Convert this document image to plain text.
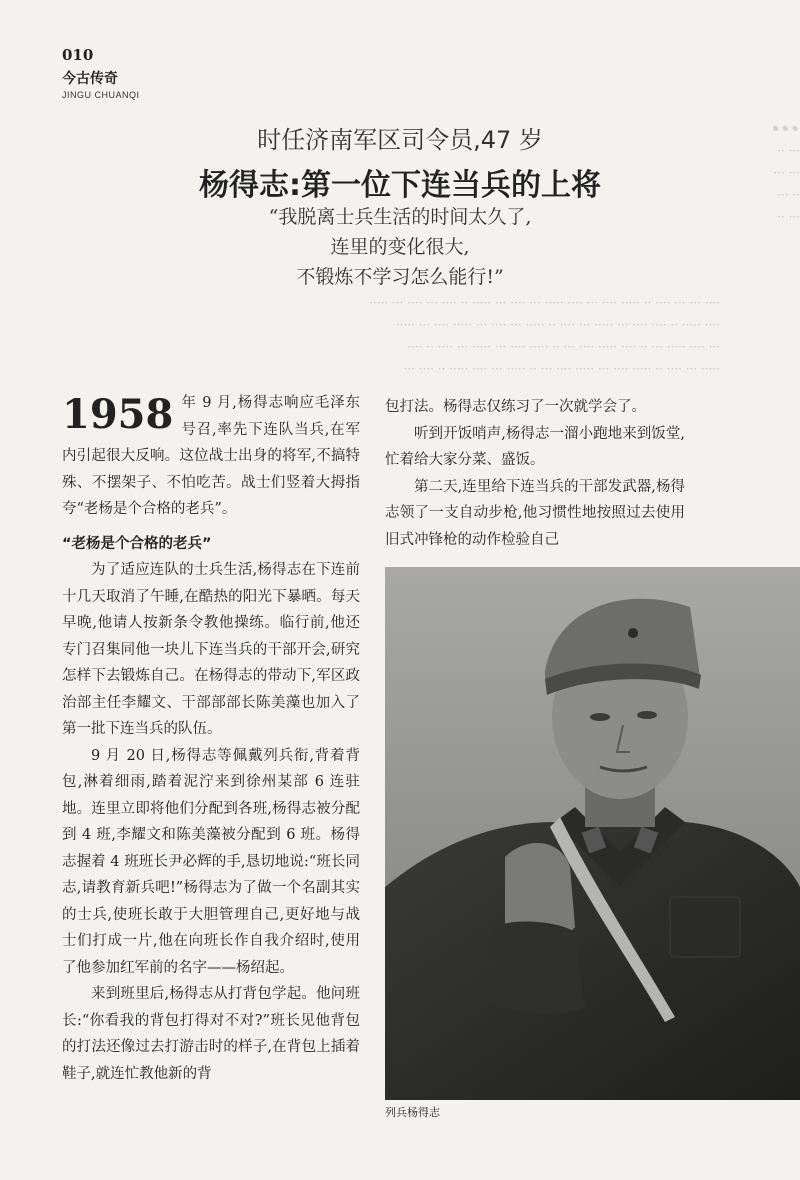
010
今古传奇
JINGU CHUANQI
···· ··· ··· ···· ·· ····· ···· ··· ···· ····· ··· ···· ··· ····· ·· ···· ··· ···· ··· ·····
···· ····· ·· ···· ···· ··· ····· ··· ···· ·· ····· ··· ···· ··· ····· ···· ··· ·····
··· ···· ····· ··· ·· ···· ····· ···· ··· ·· ····· ···· ··· ····· ··· ···· ·· ····
····· ··· ···· ·· ····· ···· ··· ····· ···· ··· ·· ····· ··· ···· ····· ·· ···· ···
···
··· ··
··· ···
·· ···
··· ··
时任济南军区司令员,47 岁
杨得志:第一位下连当兵的上将
“我脱离士兵生活的时间太久了,
连里的变化很大,
不锻炼不学习怎么能行!”

1958 年 9 月,杨得志响应毛泽东号召,率先下连队当兵,在军内引起很大反响。这位战士出身的将军,不搞特殊、不摆架子、不怕吃苦。战士们竖着大拇指夸“老杨是个合格的老兵”。

“老杨是个合格的老兵”

为了适应连队的士兵生活,杨得志在下连前十几天取消了午睡,在酷热的阳光下暴晒。每天早晚,他请人按新条令教他操练。临行前,他还专门召集同他一块儿下连当兵的干部开会,研究怎样下去锻炼自己。在杨得志的带动下,军区政治部主任李耀文、干部部部长陈美藻也加入了第一批下连当兵的队伍。

9 月 20 日,杨得志等佩戴列兵衔,背着背包,淋着细雨,踏着泥泞来到徐州某部 6 连驻地。连里立即将他们分配到各班,杨得志被分配到 4 班,李耀文和陈美藻被分配到 6 班。杨得志握着 4 班班长尹必辉的手,恳切地说:“班长同志,请教育新兵吧!”杨得志为了做一个名副其实的士兵,使班长敢于大胆管理自己,更好地与战士们打成一片,他在向班长作自我介绍时,使用了他参加红军前的名字——杨绍起。

来到班里后,杨得志从打背包学起。他问班长:“你看我的背包打得对不对?”班长见他背包的打法还像过去打游击时的样子,在背包上插着鞋子,就连忙教他新的背

包打法。杨得志仅练习了一次就学会了。

听到开饭哨声,杨得志一溜小跑地来到饭堂,忙着给大家分菜、盛饭。

第二天,连里给下连当兵的干部发武器,杨得志领了一支自动步枪,他习惯性地按照过去使用旧式冲锋枪的动作检验自己

列兵杨得志
